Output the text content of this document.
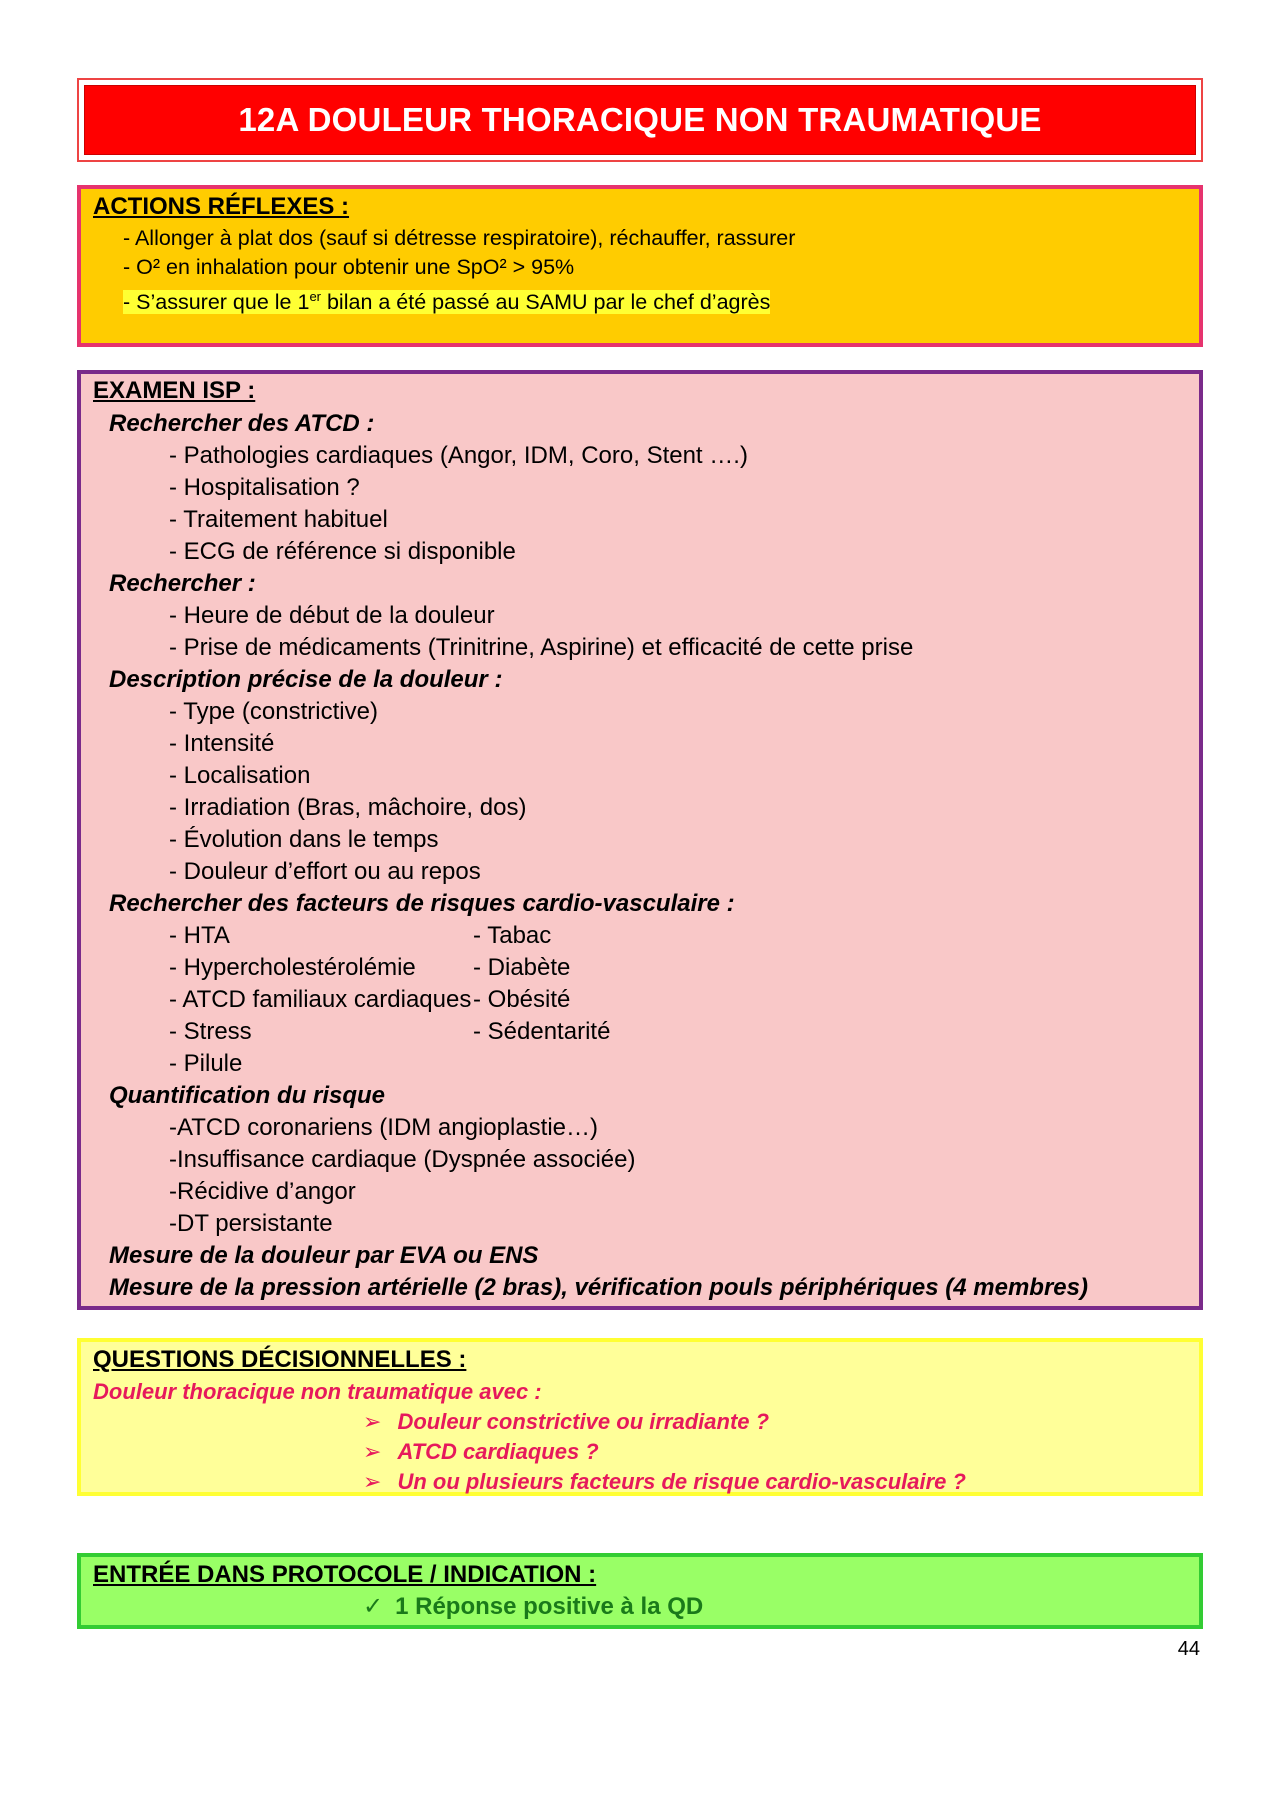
12A DOULEUR THORACIQUE NON TRAUMATIQUE
ACTIONS RÉFLEXES :
- Allonger à plat dos (sauf si détresse respiratoire), réchauffer, rassurer
- O² en inhalation pour obtenir une SpO² > 95%
- S’assurer que le 1er bilan a été passé au SAMU par le chef d’agrès
EXAMEN ISP :
Rechercher des ATCD :
- Pathologies cardiaques (Angor, IDM, Coro, Stent ….)
- Hospitalisation ?
- Traitement habituel
- ECG de référence si disponible
Rechercher :
- Heure de début de la douleur
- Prise de médicaments (Trinitrine, Aspirine) et efficacité de cette prise
Description précise de la douleur :
- Type (constrictive)
- Intensité
- Localisation
- Irradiation (Bras, mâchoire, dos)
- Évolution dans le temps
- Douleur d’effort ou au repos
Rechercher des facteurs de risques cardio-vasculaire :
- HTA
- Hypercholestérolémie
- ATCD familiaux cardiaques
- Stress
- Pilule
- Tabac
- Diabète
- Obésité
- Sédentarité
Quantification du risque
-ATCD coronariens (IDM angioplastie…)
-Insuffisance cardiaque (Dyspnée associée)
-Récidive d’angor
-DT persistante
Mesure de la douleur par EVA ou ENS
Mesure de la pression artérielle (2 bras), vérification pouls périphériques (4 membres)
QUESTIONS DÉCISIONNELLES :
Douleur thoracique non traumatique avec :
➢ Douleur constrictive ou irradiante ?
➢ ATCD cardiaques ?
➢ Un ou plusieurs facteurs de risque cardio-vasculaire ?
ENTRÉE DANS PROTOCOLE / INDICATION :
✓ 1 Réponse positive à la QD
44
